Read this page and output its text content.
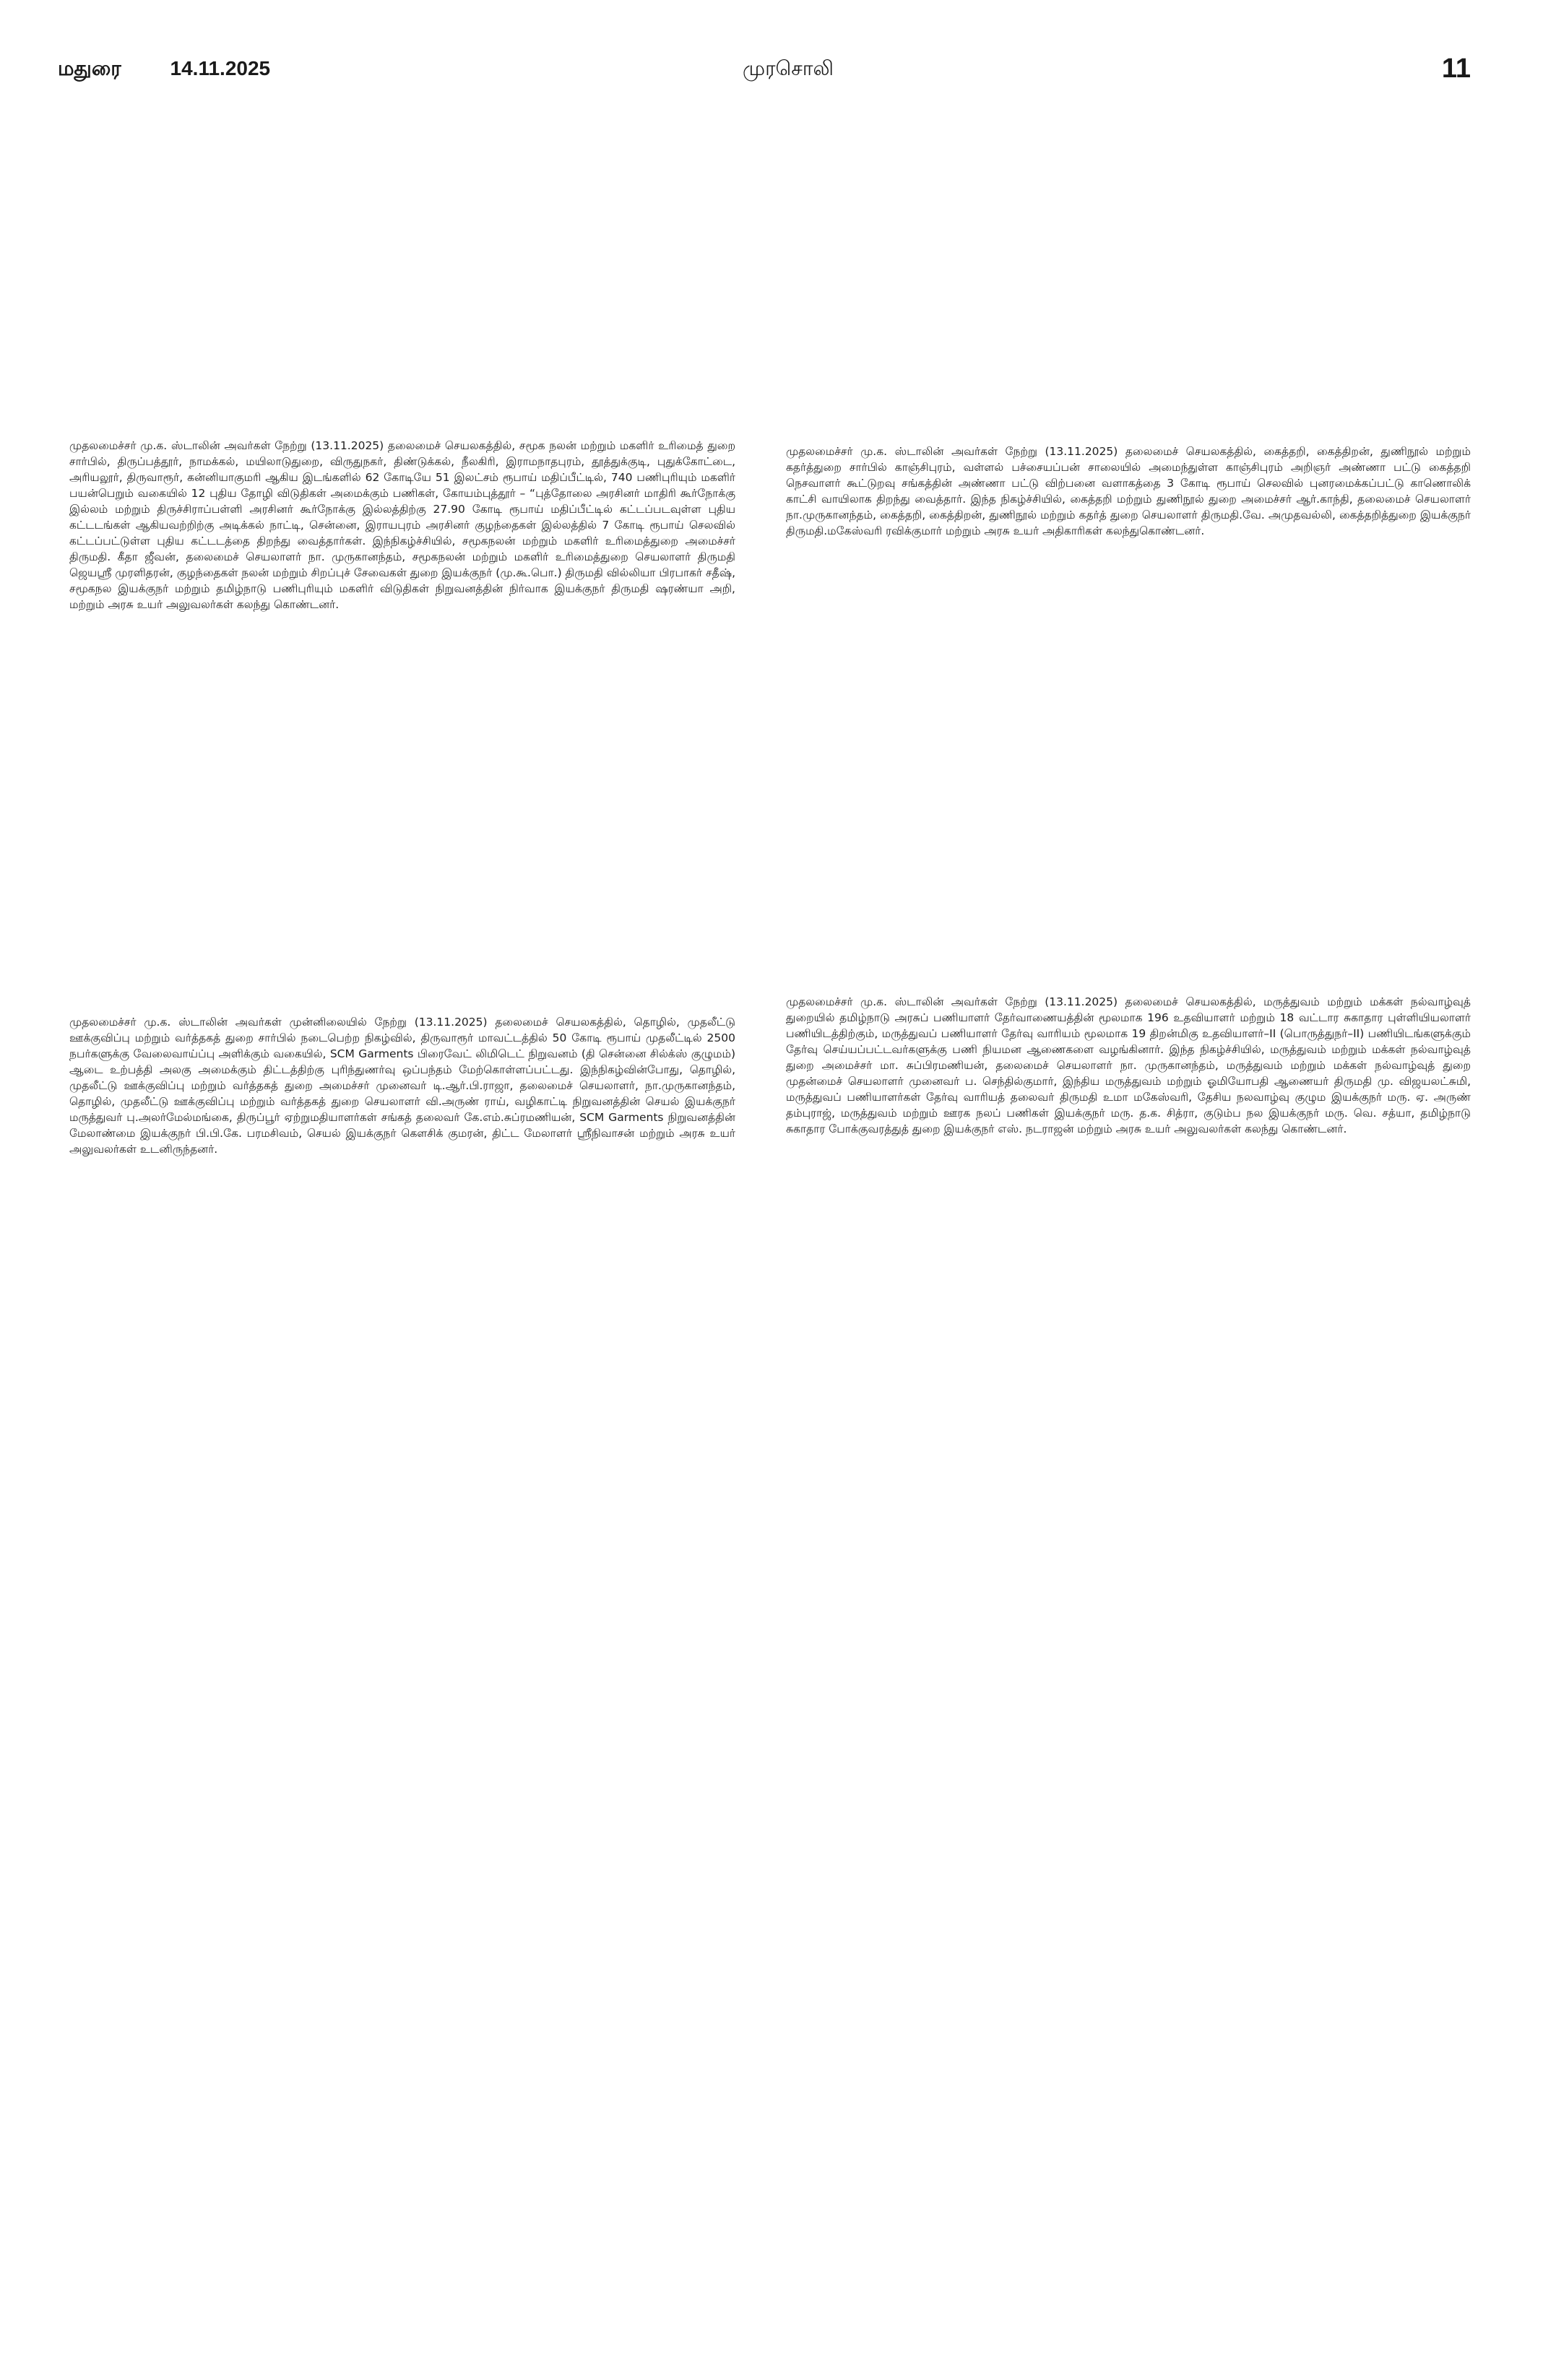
மதுரை 14.11.2025	முரசொலி	11
முதலமைச்சர் மு.க. ஸ்டாலின் அவர்கள் நேற்று (13.11.2025) தலைமைச் செயலகத்தில், சமூக நலன் மற்றும் மகளிர் உரிமைத் துறை சார்பில், திருப்பத்தூர், நாமக்கல், மயிலாடுதுறை, விருதுநகர், திண்டுக்கல், நீலகிரி, இராமநாதபுரம், தூத்துக்குடி, புதுக்கோட்டை, அரியலூர், திருவாரூர், கன்னியாகுமரி ஆகிய இடங்களில் 62 கோடியே 51 இலட்சம் ரூபாய் மதிப்பீட்டில், 740 பணிபுரியும் மகளிர் பயன்பெறும் வகையில் 12 புதிய தோழி விடுதிகள் அமைக்கும் பணிகள், கோயம்புத்தூர் – “புத்தோலை அரசினர் மாதிரி கூர்நோக்கு இல்லம் மற்றும் திருச்சிராப்பள்ளி அரசினர் கூர்நோக்கு இல்லத்திற்கு 27.90 கோடி ரூபாய் மதிப்பீட்டில் கட்டப்படவுள்ள புதிய கட்டடங்கள் ஆகியவற்றிற்கு அடிக்கல் நாட்டி, சென்னை, இராயபுரம் அரசினர் குழந்தைகள் இல்லத்தில் 7 கோடி ரூபாய் செலவில் கட்டப்பட்டுள்ள புதிய கட்டடத்தை திறந்து வைத்தார்கள். இந்நிகழ்ச்சியில், சமூகநலன் மற்றும் மகளிர் உரிமைத்துறை அமைச்சர் திருமதி. கீதா ஜீவன், தலைமைச் செயலாளர் நா. முருகானந்தம், சமூகநலன் மற்றும் மகளிர் உரிமைத்துறை செயலாளர் திருமதி ஜெயஸ்ரீ முரளிதரன், குழந்தைகள் நலன் மற்றும் சிறப்புச் சேவைகள் துறை இயக்குநர் (மு.கூ.பொ.) திருமதி வில்லியா பிரபாகர் சதீஷ், சமூகநல இயக்குநர் மற்றும் தமிழ்நாடு பணிபுரியும் மகளிர் விடுதிகள் நிறுவனத்தின் நிர்வாக இயக்குநர் திருமதி ஷரண்யா அறி, மற்றும் அரசு உயர் அலுவலர்கள் கலந்து கொண்டனர்.
முதலமைச்சர் மு.க. ஸ்டாலின் அவர்கள் நேற்று (13.11.2025) தலைமைச் செயலகத்தில், கைத்தறி, கைத்திறன், துணிநூல் மற்றும் கதர்த்துறை சார்பில் காஞ்சிபுரம், வள்ளல் பச்சையப்பன் சாலையில் அமைந்துள்ள காஞ்சிபுரம் அறிஞர் அண்ணா பட்டு கைத்தறி நெசவாளர் கூட்டுறவு சங்கத்தின் அண்ணா பட்டு விற்பனை வளாகத்தை 3 கோடி ரூபாய் செலவில் புனரமைக்கப்பட்டு காணொலிக் காட்சி வாயிலாக திறந்து வைத்தார். இந்த நிகழ்ச்சியில், கைத்தறி மற்றும் துணிநூல் துறை அமைச்சர் ஆர்.காந்தி, தலைமைச் செயலாளர் நா.முருகானந்தம், கைத்தறி, கைத்திறன், துணிநூல் மற்றும் கதர்த் துறை செயலாளர் திருமதி.வே. அமுதவல்லி, கைத்தறித்துறை இயக்குநர் திருமதி.மகேஸ்வரி ரவிக்குமார் மற்றும் அரசு உயர் அதிகாரிகள் கலந்துகொண்டனர்.
முதலமைச்சர் மு.க. ஸ்டாலின் அவர்கள் முன்னிலையில் நேற்று (13.11.2025) தலைமைச் செயலகத்தில், தொழில், முதலீட்டு ஊக்குவிப்பு மற்றும் வர்த்தகத் துறை சார்பில் நடைபெற்ற நிகழ்வில், திருவாரூர் மாவட்டத்தில் 50 கோடி ரூபாய் முதலீட்டில் 2500 நபர்களுக்கு வேலைவாய்ப்பு அளிக்கும் வகையில், SCM Garments பிரைவேட் லிமிடெட் நிறுவனம் (தி சென்னை சில்க்ஸ் குழுமம்) ஆடை உற்பத்தி அலகு அமைக்கும் திட்டத்திற்கு புரிந்துணர்வு ஒப்பந்தம் மேற்கொள்ளப்பட்டது. இந்நிகழ்வின்போது, தொழில், முதலீட்டு ஊக்குவிப்பு மற்றும் வர்த்தகத் துறை அமைச்சர் முனைவர் டி.ஆர்.பி.ராஜா, தலைமைச் செயலாளர், நா.முருகானந்தம், தொழில், முதலீட்டு ஊக்குவிப்பு மற்றும் வர்த்தகத் துறை செயலாளர் வி.அருண் ராய், வழிகாட்டி நிறுவனத்தின் செயல் இயக்குநர் மருத்துவர் பு.அலர்மேல்மங்கை, திருப்பூர் ஏற்றுமதியாளர்கள் சங்கத் தலைவர் கே.எம்.சுப்ரமணியன், SCM Garments நிறுவனத்தின் மேலாண்மை இயக்குநர் பி.பி.கே. பரமசிவம், செயல் இயக்குநர் கௌசிக் குமரன், திட்ட மேலாளர் ஸ்ரீநிவாசன் மற்றும் அரசு உயர் அலுவலர்கள் உடனிருந்தனர்.
முதலமைச்சர் மு.க. ஸ்டாலின் அவர்கள் நேற்று (13.11.2025) தலைமைச் செயலகத்தில், மருத்துவம் மற்றும் மக்கள் நல்வாழ்வுத் துறையில் தமிழ்நாடு அரசுப் பணியாளர் தேர்வாணையத்தின் மூலமாக 196 உதவியாளர் மற்றும் 18 வட்டார சுகாதார புள்ளியியலாளர் பணியிடத்திற்கும், மருத்துவப் பணியாளர் தேர்வு வாரியம் மூலமாக 19 திறன்மிகு உதவியாளர்–II (பொருத்துநர்–II) பணியிடங்களுக்கும் தேர்வு செய்யப்பட்டவர்களுக்கு பணி நியமன ஆணைகளை வழங்கினார். இந்த நிகழ்ச்சியில், மருத்துவம் மற்றும் மக்கள் நல்வாழ்வுத் துறை அமைச்சர் மா. சுப்பிரமணியன், தலைமைச் செயலாளர் நா. முருகானந்தம், மருத்துவம் மற்றும் மக்கள் நல்வாழ்வுத் துறை முதன்மைச் செயலாளர் முனைவர் ப. செந்தில்குமார், இந்திய மருத்துவம் மற்றும் ஓமியோபதி ஆணையர் திருமதி மு. விஜயலட்சுமி, மருத்துவப் பணியாளர்கள் தேர்வு வாரியத் தலைவர் திருமதி உமா மகேஸ்வரி, தேசிய நலவாழ்வு குழும இயக்குநர் மரு. ஏ. அருண் தம்புராஜ், மருத்துவம் மற்றும் ஊரக நலப் பணிகள் இயக்குநர் மரு. த.க. சித்ரா, குடும்ப நல இயக்குநர் மரு. வெ. சத்யா, தமிழ்நாடு சுகாதார போக்குவரத்துத் துறை இயக்குநர் எஸ். நடராஜன் மற்றும் அரசு உயர் அலுவலர்கள் கலந்து கொண்டனர்.
